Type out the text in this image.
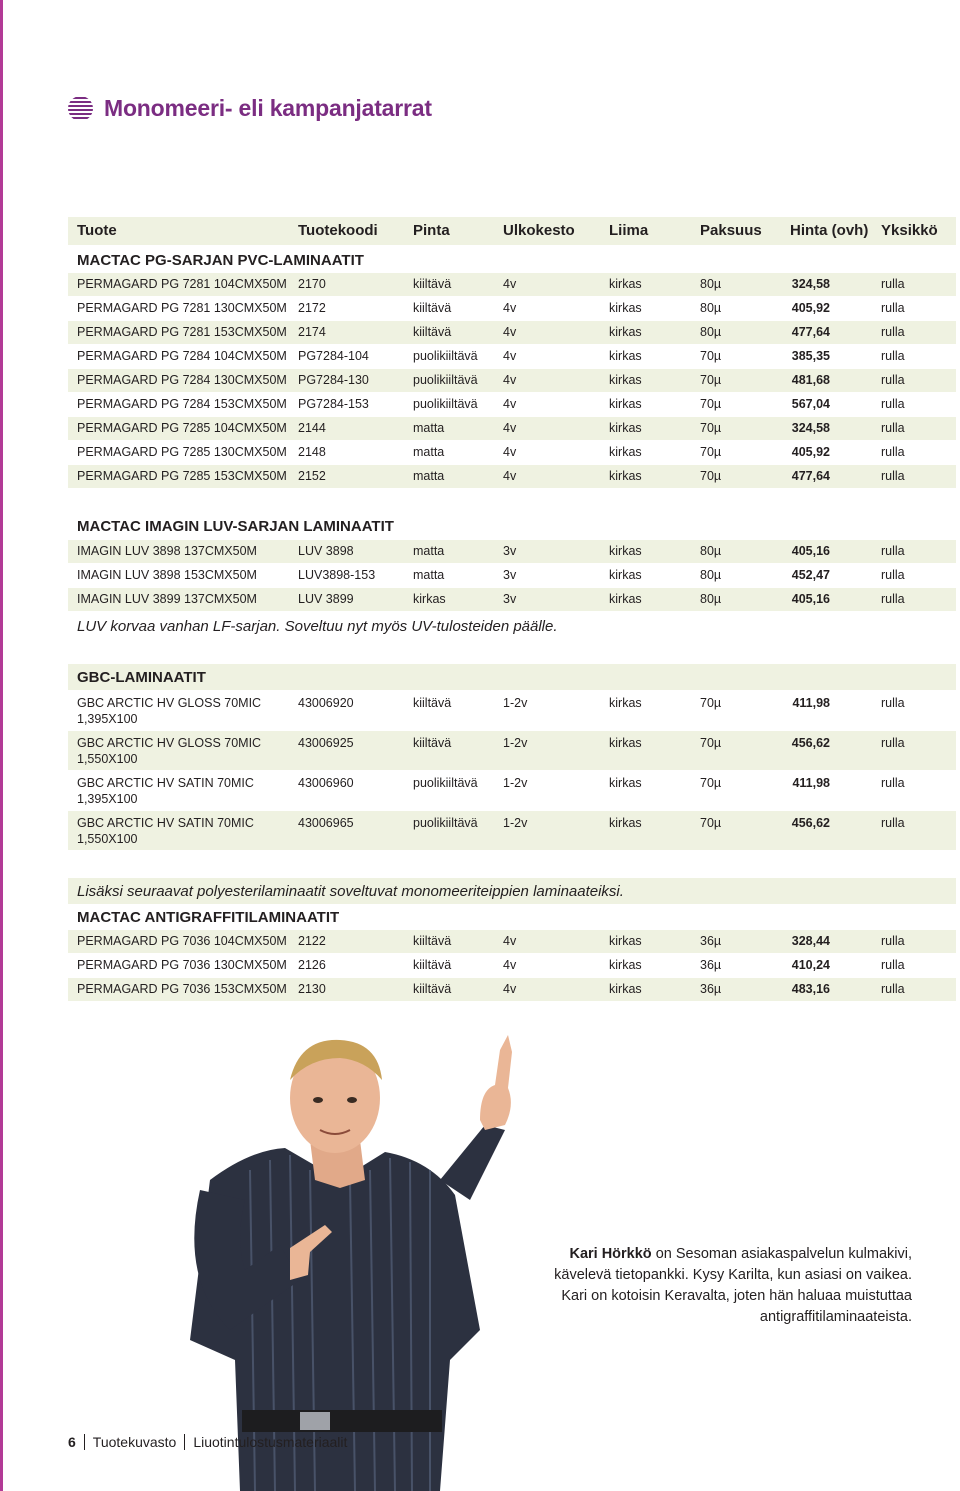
Monomeeri- eli kampanjatarrat
Tuote	Tuotekoodi Pinta	Ulkokesto Liima	Paksuus Hinta (ovh) Yksikkö
MACTAC PG-SARJAN PVC-LAMINAATIT
PERMAGARD PG 7281 104CMX50M 2170	kiiltävä	4v	kirkas	80µ	324,58	rulla
PERMAGARD PG 7281 130CMX50M 2172	kiiltävä	4v	kirkas	80µ	405,92	rulla
PERMAGARD PG 7281 153CMX50M 2174	kiiltävä	4v	kirkas	80µ	477,64	rulla
PERMAGARD PG 7284 104CMX50M PG7284-104	puolikiiltävä 4v	kirkas	70µ	385,35	rulla
PERMAGARD PG 7284 130CMX50M PG7284-130	puolikiiltävä 4v	kirkas	70µ	481,68	rulla
PERMAGARD PG 7284 153CMX50M PG7284-153	puolikiiltävä 4v	kirkas	70µ	567,04	rulla
PERMAGARD PG 7285 104CMX50M 2144	matta	4v	kirkas	70µ	324,58	rulla
PERMAGARD PG 7285 130CMX50M 2148	matta	4v	kirkas	70µ	405,92	rulla
PERMAGARD PG 7285 153CMX50M 2152	matta	4v	kirkas	70µ	477,64	rulla
MACTAC IMAGIN LUV-SARJAN LAMINAATIT
IMAGIN LUV 3898 137CMX50M	LUV 3898	matta	3v	kirkas	80µ	405,16	rulla
IMAGIN LUV 3898 153CMX50M	LUV3898-153	matta	3v	kirkas	80µ	452,47	rulla
IMAGIN LUV 3899 137CMX50M	LUV 3899	kirkas	3v	kirkas	80µ	405,16	rulla
LUV korvaa vanhan LF-sarjan. Soveltuu nyt myös UV-tulosteiden päälle.
GBC-LAMINAATIT
GBC ARCTIC HV GLOSS 70MIC 1,395X100
43006920	kiiltävä	1-2v	kirkas	70µ	411,98	rulla
GBC ARCTIC HV GLOSS 70MIC 1,550X100
43006925	kiiltävä	1-2v	kirkas	70µ	456,62	rulla
GBC ARCTIC HV SATIN 70MIC 1,395X100
43006960	puolikiiltävä 1-2v	kirkas	70µ	411,98	rulla
GBC ARCTIC HV SATIN 70MIC 1,550X100
43006965	puolikiiltävä 1-2v	kirkas	70µ	456,62	rulla
Lisäksi seuraavat polyesterilaminaatit soveltuvat monomeeriteippien laminaateiksi.
MACTAC ANTIGRAFFITILAMINAATIT
PERMAGARD PG 7036 104CMX50M 2122	kiiltävä	4v	kirkas	36µ	328,44	rulla
PERMAGARD PG 7036 130CMX50M 2126	kiiltävä	4v	kirkas	36µ	410,24	rulla
PERMAGARD PG 7036 153CMX50M 2130	kiiltävä	4v	kirkas	36µ	483,16	rulla
Kari Hörkkö on Sesoman asiakaspalvelun kulmakivi, kävelevä tietopankki. Kysy Karilta, kun asiasi on vaikea. Kari on kotoisin Keravalta, joten hän haluaa muistuttaa antigraffitilaminaateista.
6 Tuotekuvasto Liuotintulostusmateriaalit
